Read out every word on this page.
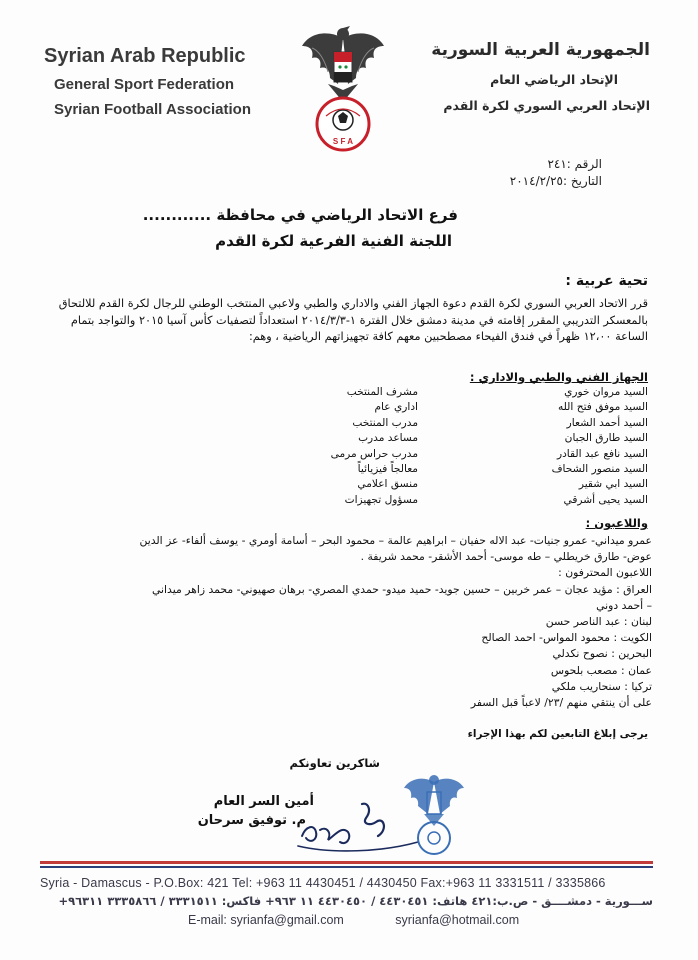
Syrian Arab Republic
General Sport Federation
Syrian Football Association
S F A
الجمهورية العربية السورية
الإتحاد الرياضي العام
الإتحاد العربي السوري لكرة القدم
الرقم :٢٤١
التاريخ :٢٠١٤/٢/٢٥
فرع الاتحاد الرياضي في محافظة ............
اللجنة الفنية الفرعية لكرة القدم
تحية عربية :
قرر الاتحاد العربي السوري لكرة القدم دعوة الجهاز الفني والاداري والطبي ولاعبي المنتخب الوطني للرجال لكرة القدم للالتحاق بالمعسكر التدريبي المقرر إقامته في مدينة دمشق خلال الفترة ١-٢٠١٤/٣/٣ استعداداً لتصفيات كأس آسيا ٢٠١٥ والتواجد بتمام الساعة ١٢،٠٠ ظهراً في فندق الفيحاء مصطحبين معهم كافة تجهيزاتهم الرياضية ، وهم:
الجهاز الفني والطبي والاداري :
السيد مروان خوري
مشرف المنتخب
السيد موفق فتح الله
اداري عام
السيد أحمد الشعار
مدرب المنتخب
السيد طارق الجبان
مساعد مدرب
السيد نافع عبد القادر
مدرب حراس مرمى
السيد منصور الشحاف
معالجاً فيزيائياً
السيد ابي شقير
منسق اعلامي
السيد يحيى أشرقي
مسؤول تجهيزات
واللاعبون :
عمرو ميداني- عمرو جنيات- عبد الاله حفيان – ابراهيم عالمة – محمود البحر – أسامة أومري - يوسف ألفاء- عز الدين
عوض- طارق خريطلي – طه موسى- أحمد الأشقر- محمد شريفة .
اللاعبون المحترفون :
العراق : مؤيد عجان – عمر خربين – حسين جويد- حميد ميدو- حمدي المصري- برهان صهيوني- محمد زاهر ميداني
– أحمد دوني
لبنان : عبد الناصر حسن
الكويت : محمود المواس- احمد الصالح
البحرين : نصوح نكدلي
عمان : مصعب بلحوس
تركيا : سنحاريب ملكي
على أن ينتقي منهم /٢٣/ لاعباً قبل السفر
يرجى إبلاغ التابعين لكم بهذا الإجراء
شاكرين تعاونكم
أمين السر العام
م. توفيق سرحان
Syria - Damascus - P.O.Box: 421 Tel: +963 11 4430451 / 4430450 Fax:+963 11 3331511 / 3335866
ســـورية - دمشــــق - ص.ب:٤٢١ هاتف: ٤٤٣٠٤٥١ / ٤٤٣٠٤٥٠ ١١ ٩٦٣+ فاكس: ٣٣٣١٥١١ / ٣٣٣٥٨٦٦ ٩٦٣١١+
E-mail: syrianfa@gmail.com	syrianfa@hotmail.com
